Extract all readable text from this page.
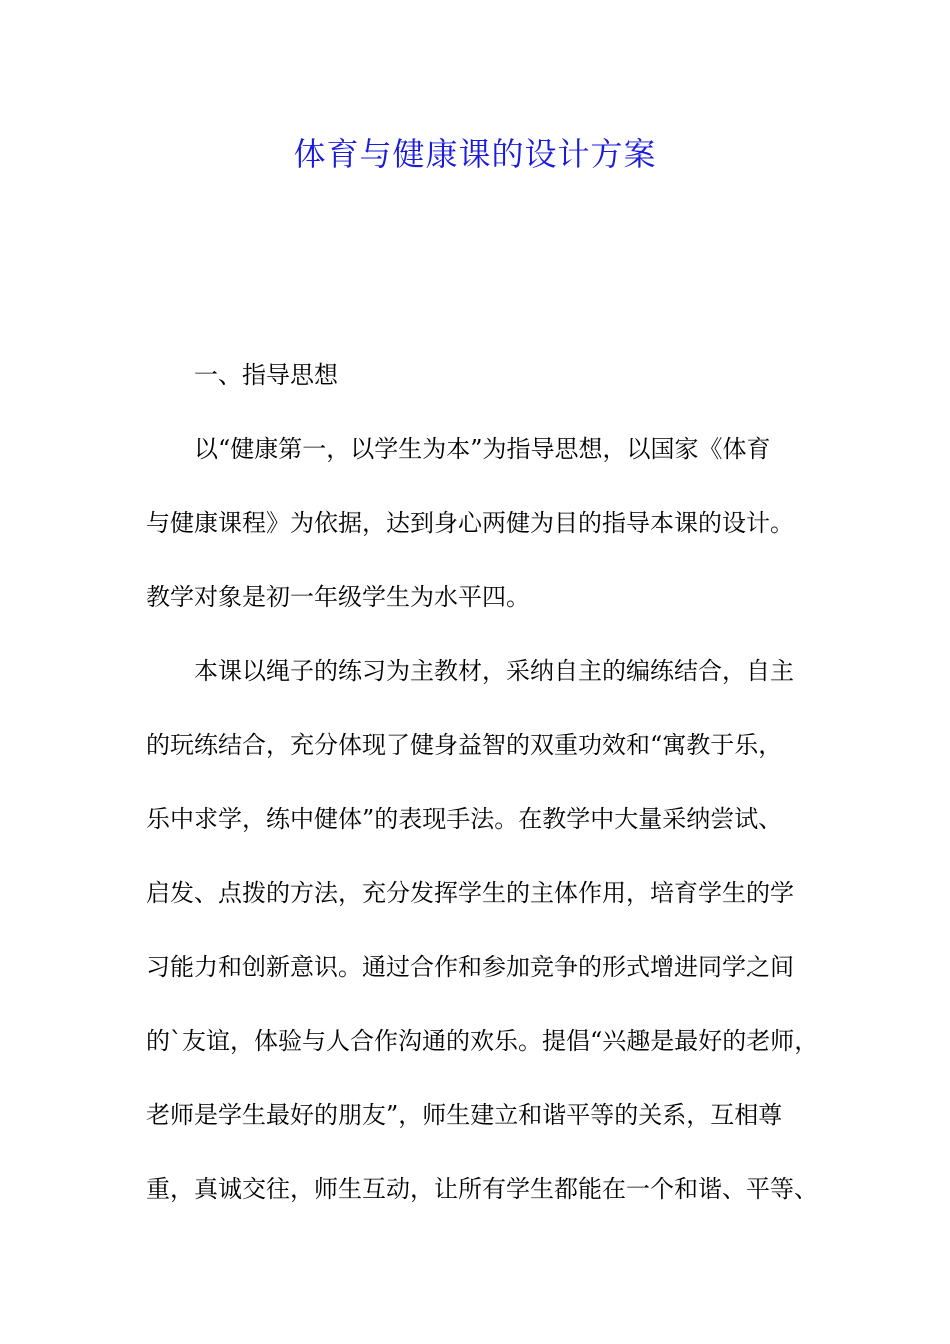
体育与健康课的设计方案
一、指导思想
以“健康第一，以学生为本”为指导思想，以国家《体育
与健康课程》为依据，达到身心两健为目的指导本课的设计。
教学对象是初一年级学生为水平四。
本课以绳子的练习为主教材，采纳自主的编练结合，自主
的玩练结合，充分体现了健身益智的双重功效和“寓教于乐，
乐中求学，练中健体”的表现手法。在教学中大量采纳尝试、
启发、点拨的方法，充分发挥学生的主体作用，培育学生的学
习能力和创新意识。通过合作和参加竞争的形式增进同学之间
的`友谊，体验与人合作沟通的欢乐。提倡“兴趣是最好的老师，
老师是学生最好的朋友”，师生建立和谐平等的关系，互相尊
重，真诚交往，师生互动，让所有学生都能在一个和谐、平等、
